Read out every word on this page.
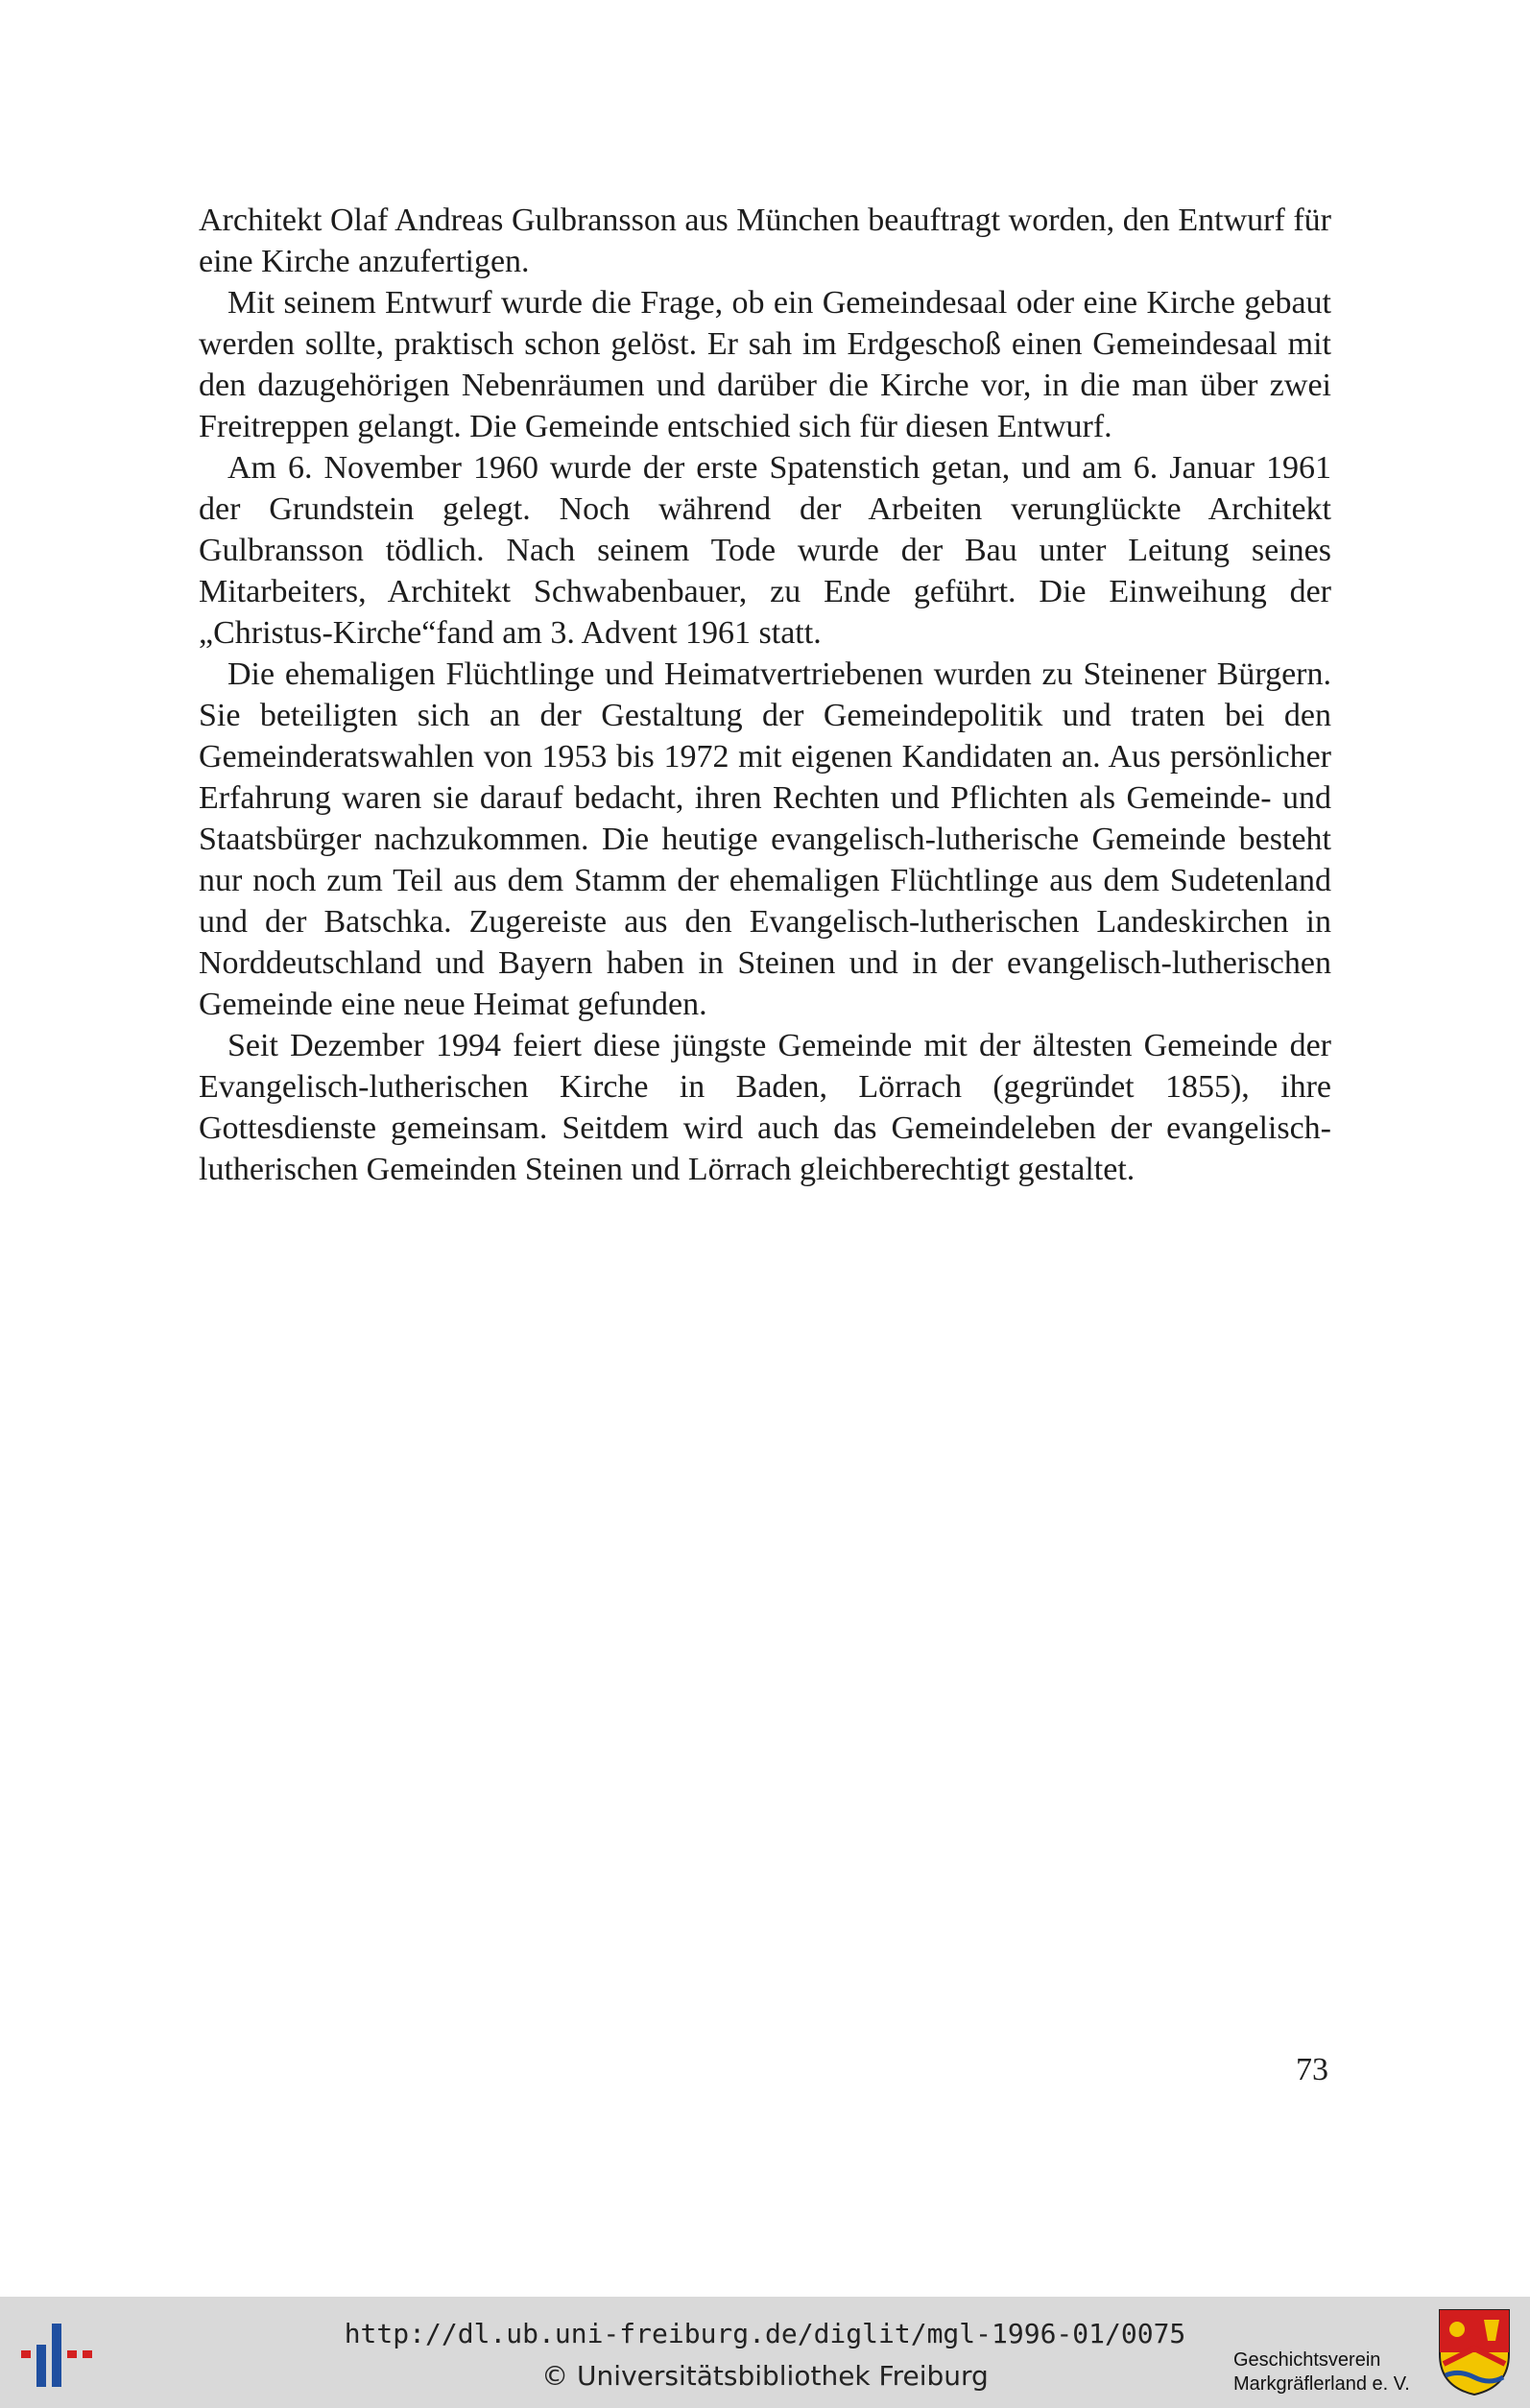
Architekt Olaf Andreas Gulbransson aus München beauftragt worden, den Entwurf für eine Kirche anzufertigen.

Mit seinem Entwurf wurde die Frage, ob ein Gemeindesaal oder eine Kirche gebaut werden sollte, praktisch schon gelöst. Er sah im Erdgeschoß einen Gemeindesaal mit den dazugehörigen Nebenräumen und darüber die Kirche vor, in die man über zwei Freitreppen gelangt. Die Gemeinde entschied sich für diesen Entwurf.

Am 6. November 1960 wurde der erste Spatenstich getan, und am 6. Januar 1961 der Grundstein gelegt. Noch während der Arbeiten verunglückte Architekt Gulbransson tödlich. Nach seinem Tode wurde der Bau unter Leitung seines Mitarbeiters, Architekt Schwabenbauer, zu Ende geführt. Die Einweihung der „Christus-Kirche“fand am 3. Advent 1961 statt.

Die ehemaligen Flüchtlinge und Heimatvertriebenen wurden zu Steinener Bürgern. Sie beteiligten sich an der Gestaltung der Gemeindepolitik und traten bei den Gemeinderatswahlen von 1953 bis 1972 mit eigenen Kandidaten an. Aus persönlicher Erfahrung waren sie darauf bedacht, ihren Rechten und Pflichten als Gemeinde- und Staatsbürger nachzukommen. Die heutige evangelisch-lutherische Gemeinde besteht nur noch zum Teil aus dem Stamm der ehemaligen Flüchtlinge aus dem Sudetenland und der Batschka. Zugereiste aus den Evangelisch-lutherischen Landeskirchen in Norddeutschland und Bayern haben in Steinen und in der evangelisch-lutherischen Gemeinde eine neue Heimat gefunden.

Seit Dezember 1994 feiert diese jüngste Gemeinde mit der ältesten Gemeinde der Evangelisch-lutherischen Kirche in Baden, Lörrach (gegründet 1855), ihre Gottesdienste gemeinsam. Seitdem wird auch das Gemeindeleben der evangelisch-lutherischen Gemeinden Steinen und Lörrach gleichberechtigt gestaltet.

73
http://dl.ub.uni-freiburg.de/diglit/mgl-1996-01/0075
© Universitätsbibliothek Freiburg	Geschichtsverein
Markgräflerland e. V.
